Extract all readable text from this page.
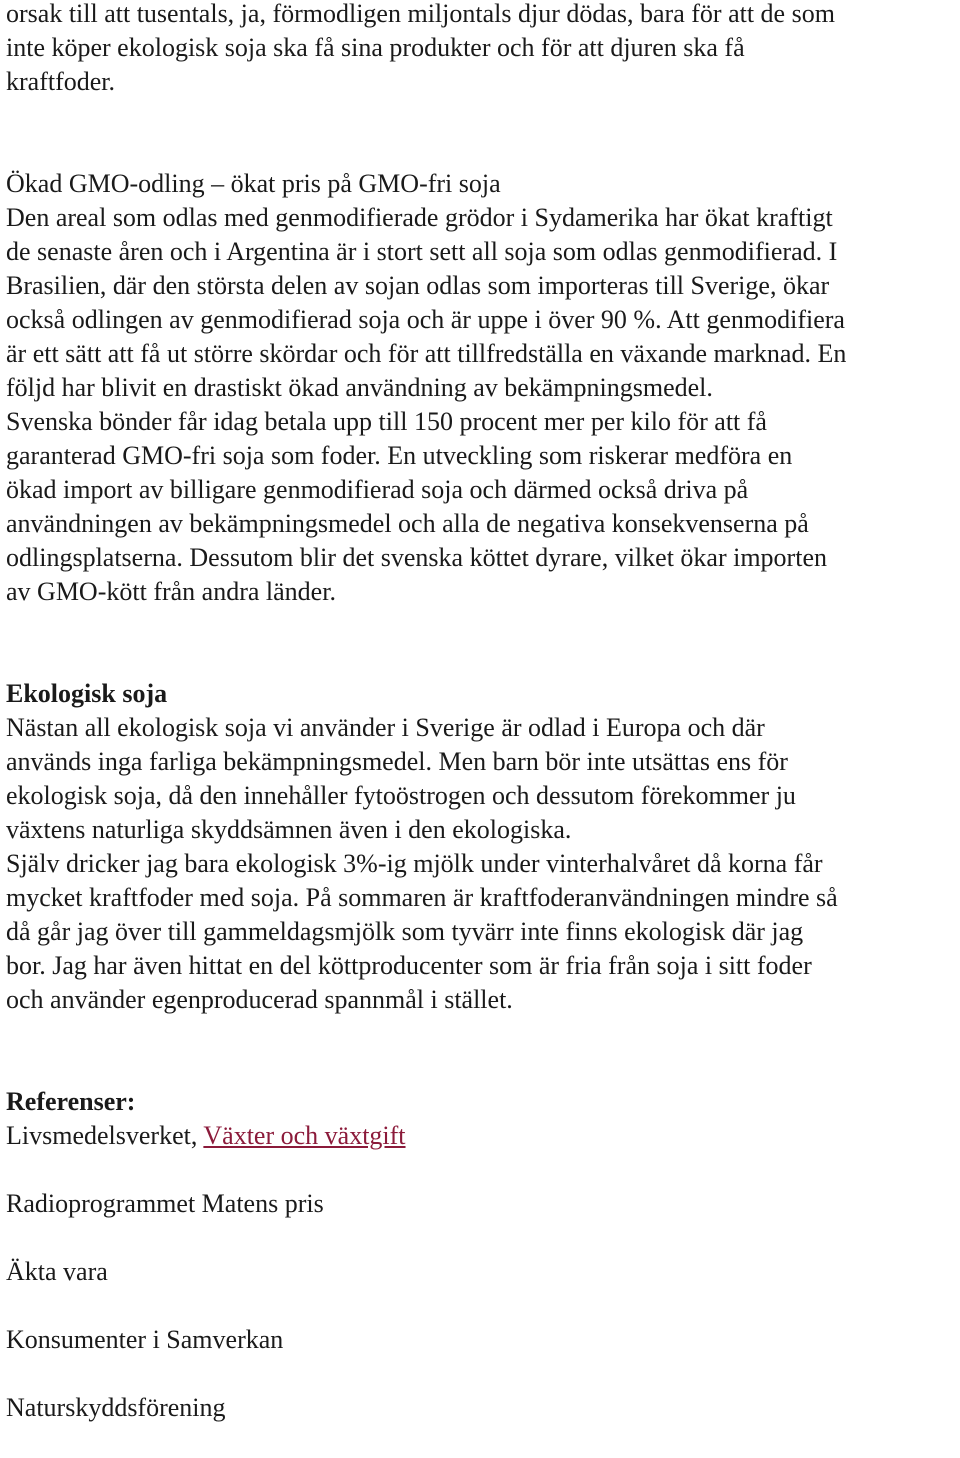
orsak till att tusentals, ja, förmodligen miljontals djur dödas, bara för att de som

inte köper ekologisk soja ska få sina produkter och för att djuren ska få

kraftfoder.

Ökad GMO-odling – ökat pris på GMO-fri soja

Den areal som odlas med genmodifierade grödor i Sydamerika har ökat kraftigt

de senaste åren och i Argentina är i stort sett all soja som odlas genmodifierad. I

Brasilien, där den största delen av sojan odlas som importeras till Sverige, ökar

också odlingen av genmodifierad soja och är uppe i över 90 %. Att genmodifiera

är ett sätt att få ut större skördar och för att tillfredställa en växande marknad. En

följd har blivit en drastiskt ökad användning av bekämpningsmedel.

Svenska bönder får idag betala upp till 150 procent mer per kilo för att få

garanterad GMO-fri soja som foder. En utveckling som riskerar medföra en

ökad import av billigare genmodifierad soja och därmed också driva på

användningen av bekämpningsmedel och alla de negativa konsekvenserna på

odlingsplatserna. Dessutom blir det svenska köttet dyrare, vilket ökar importen

av GMO-kött från andra länder.

Ekologisk soja

Nästan all ekologisk soja vi använder i Sverige är odlad i Europa och där

används inga farliga bekämpningsmedel. Men barn bör inte utsättas ens för

ekologisk soja, då den innehåller fytoöstrogen och dessutom förekommer ju

växtens naturliga skyddsämnen även i den ekologiska.

Själv dricker jag bara ekologisk 3%-ig mjölk under vinterhalvåret då korna får

mycket kraftfoder med soja. På sommaren är kraftfoderanvändningen mindre så

då går jag över till gammeldagsmjölk som tyvärr inte finns ekologisk där jag

bor. Jag har även hittat en del köttproducenter som är fria från soja i sitt foder

och använder egenproducerad spannmål i stället.

Referenser:

Livsmedelsverket, Växter och växtgift

Radioprogrammet Matens pris

Äkta vara

Konsumenter i Samverkan

Naturskyddsförening
